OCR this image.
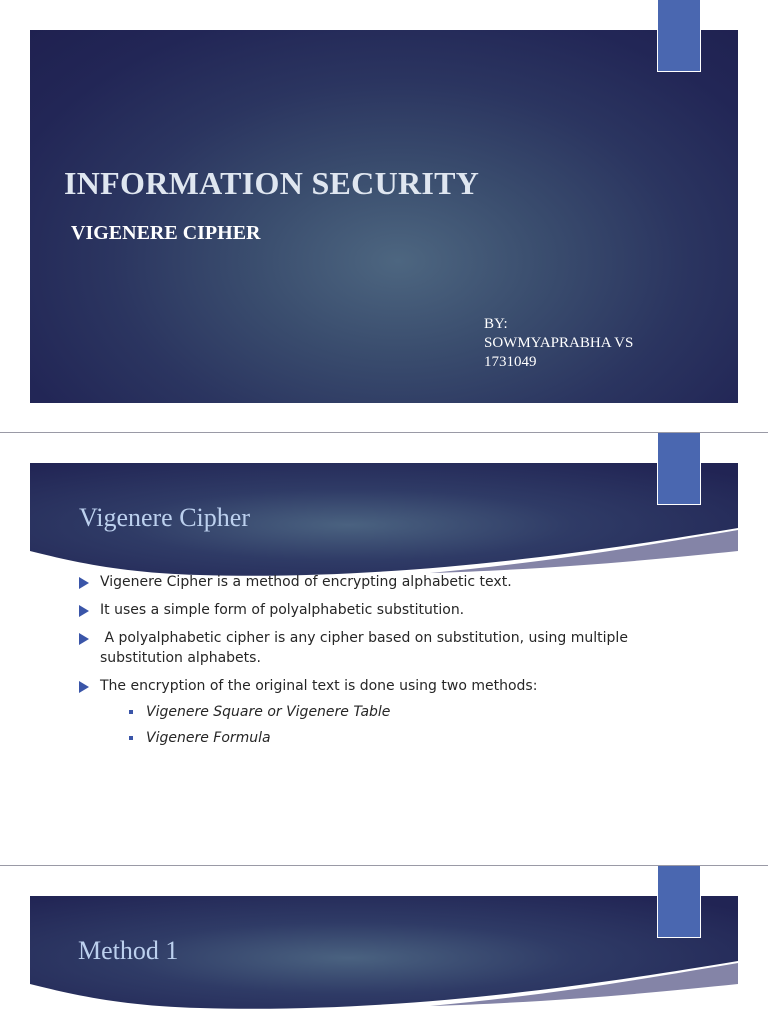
INFORMATION SECURITY
VIGENERE CIPHER
BY:
SOWMYAPRABHA VS
1731049
Vigenere Cipher
Vigenere Cipher is a method of encrypting alphabetic text.
It uses a simple form of polyalphabetic substitution.
A polyalphabetic cipher is any cipher based on substitution, using multiple substitution alphabets.
The encryption of the original text is done using two methods:
Vigenere Square or Vigenere Table
Vigenere Formula
Method 1
